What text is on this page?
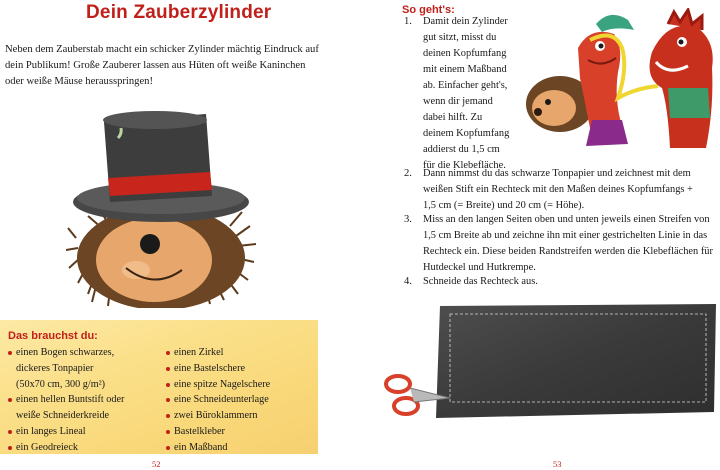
Dein Zauberzylinder
Neben dem Zauberstab macht ein schicker Zylinder mächtig Eindruck auf
dein Publikum! Große Zauberer lassen aus Hüten oft weiße Kaninchen
oder weiße Mäuse herausspringen!
Das brauchst du:
einen Bogen schwarzes,
dickeres Tonpapier
(50x70 cm, 300 g/m²)
einen hellen Buntstift oder
weiße Schneiderkreide
ein langes Lineal
ein Geodreieck
einen Zirkel
eine Bastelschere
eine spitze Nagelschere
eine Schneideunterlage
zwei Büroklammern
Bastelkleber
ein Maßband
52
So geht's:
1. Damit dein Zylinder
gut sitzt, misst du
deinen Kopfumfang
mit einem Maßband
ab. Einfacher geht's,
wenn dir jemand
dabei hilft. Zu
deinem Kopfumfang
addierst du 1,5 cm
für die Klebefläche.
2. Dann nimmst du das schwarze Tonpapier und zeichnest mit dem
weißen Stift ein Rechteck mit den Maßen deines Kopfumfangs +
1,5 cm (= Breite) und 20 cm (= Höhe).
3. Miss an den langen Seiten oben und unten jeweils einen Streifen von
1,5 cm Breite ab und zeichne ihn mit einer gestrichelten Linie in das
Rechteck ein. Diese beiden Randstreifen werden die Klebeflächen für
Hutdeckel und Hutkrempe.
4. Schneide das Rechteck aus.
53
